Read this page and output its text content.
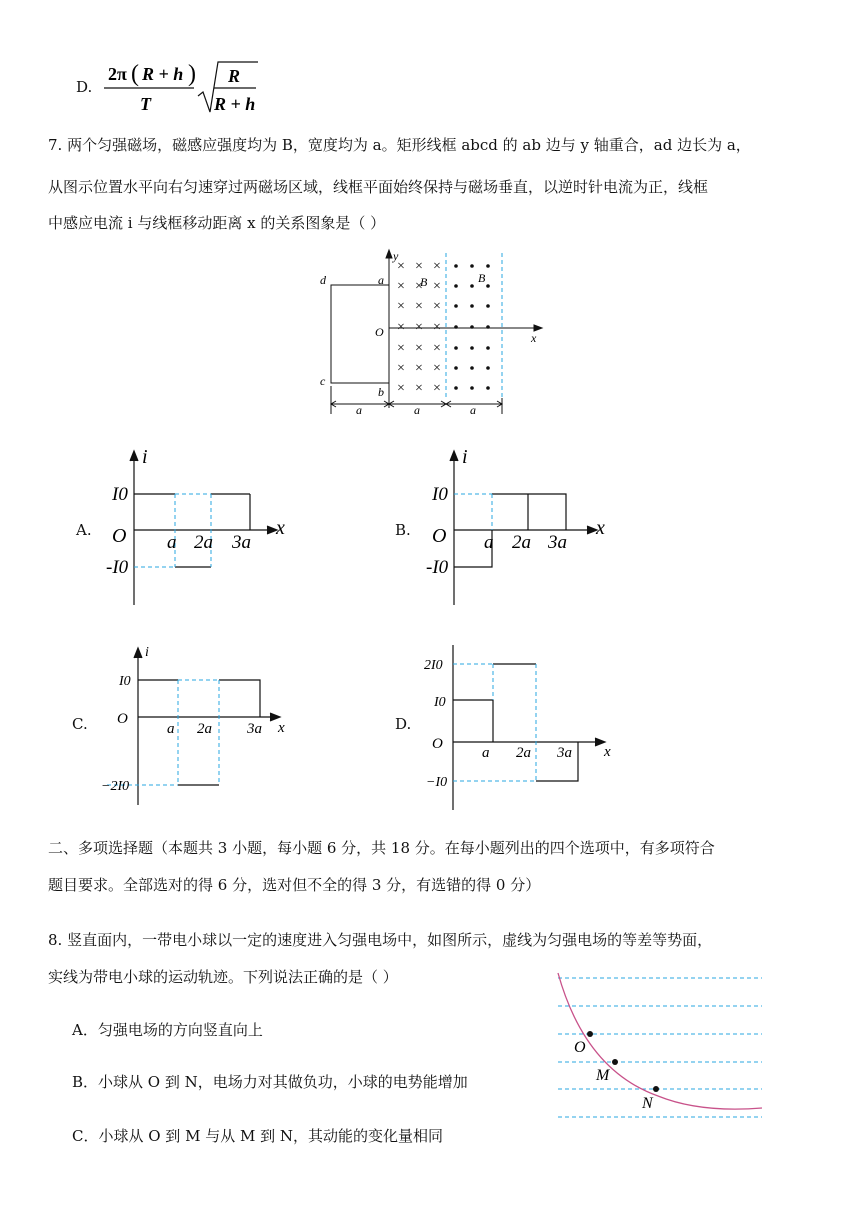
D.
2π ( R + h )
T
R
R + h
7. 两个匀强磁场，磁感应强度均为 B，宽度均为 a。矩形线框 abcd 的 ab 边与 y 轴重合，ad 边长为 a，
从图示位置水平向右匀速穿过两磁场区域，线框平面始终保持与磁场垂直，以逆时针电流为正，线框
中感应电流 i 与线框移动距离 x 的关系图象是（ ）
× × ×
× × ×
× × ×
× × ×
× × ×
× × ×
× × ×
d	a
c
b
y
x
O
B	B
a	a	a
A.
i
x
O
I0
-I0
a 2a 3a
B.
i
x
O
I0
-I0
a 2a 3a
C.
i
x
O
I0
−2I0
a 2a 3a	D.
x
O
2I0
I0
−I0
a 2a 3a
二、多项选择题（本题共 3 小题，每小题 6 分，共 18 分。在每小题列出的四个选项中，有多项符合
题目要求。全部选对的得 6 分，选对但不全的得 3 分，有选错的得 0 分）
8. 竖直面内，一带电小球以一定的速度进入匀强电场中，如图所示，虚线为匀强电场的等差等势面，
实线为带电小球的运动轨迹。下列说法正确的是（ ）
A．匀强电场的方向竖直向上
B．小球从 O 到 N，电场力对其做负功，小球的电势能增加
C．小球从 O 到 M 与从 M 到 N，其动能的变化量相同
O
M
N
